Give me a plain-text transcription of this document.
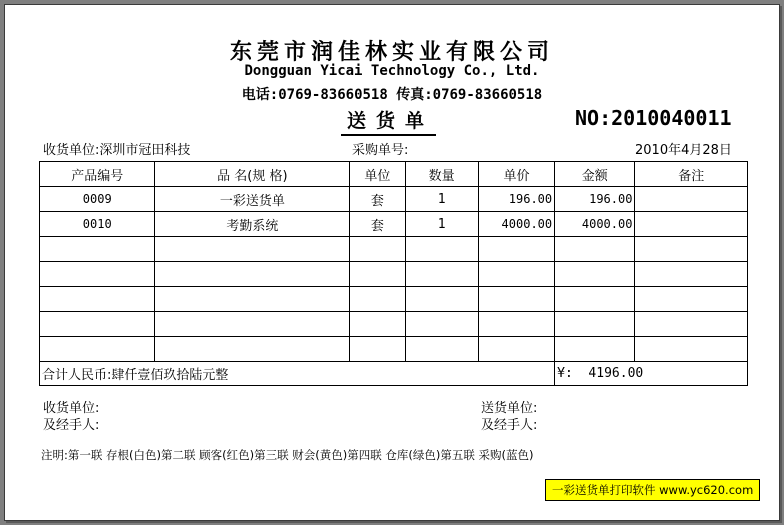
东莞市润佳林实业有限公司
Dongguan Yicai Technology Co., Ltd.
电话:0769-83660518 传真:0769-83660518
送货单	NO:2010040011
收货单位:深圳市冠田科技	采购单号:	2010年4月28日
产品编号	品 名(规 格)	单位	数量	单价	金额	备注
0009	一彩送货单	套	1	196.00	196.00	
0010	考勤系统	套	1	4000.00	4000.00	

合计人民币:肆仟壹佰玖拾陆元整					¥:  4196.00	
收货单位:
及经手人:
送货单位:
及经手人:
注明:第一联 存根(白色)第二联 顾客(红色)第三联 财会(黄色)第四联 仓库(绿色)第五联 采购(蓝色)
一彩送货单打印软件 www.yc620.com
